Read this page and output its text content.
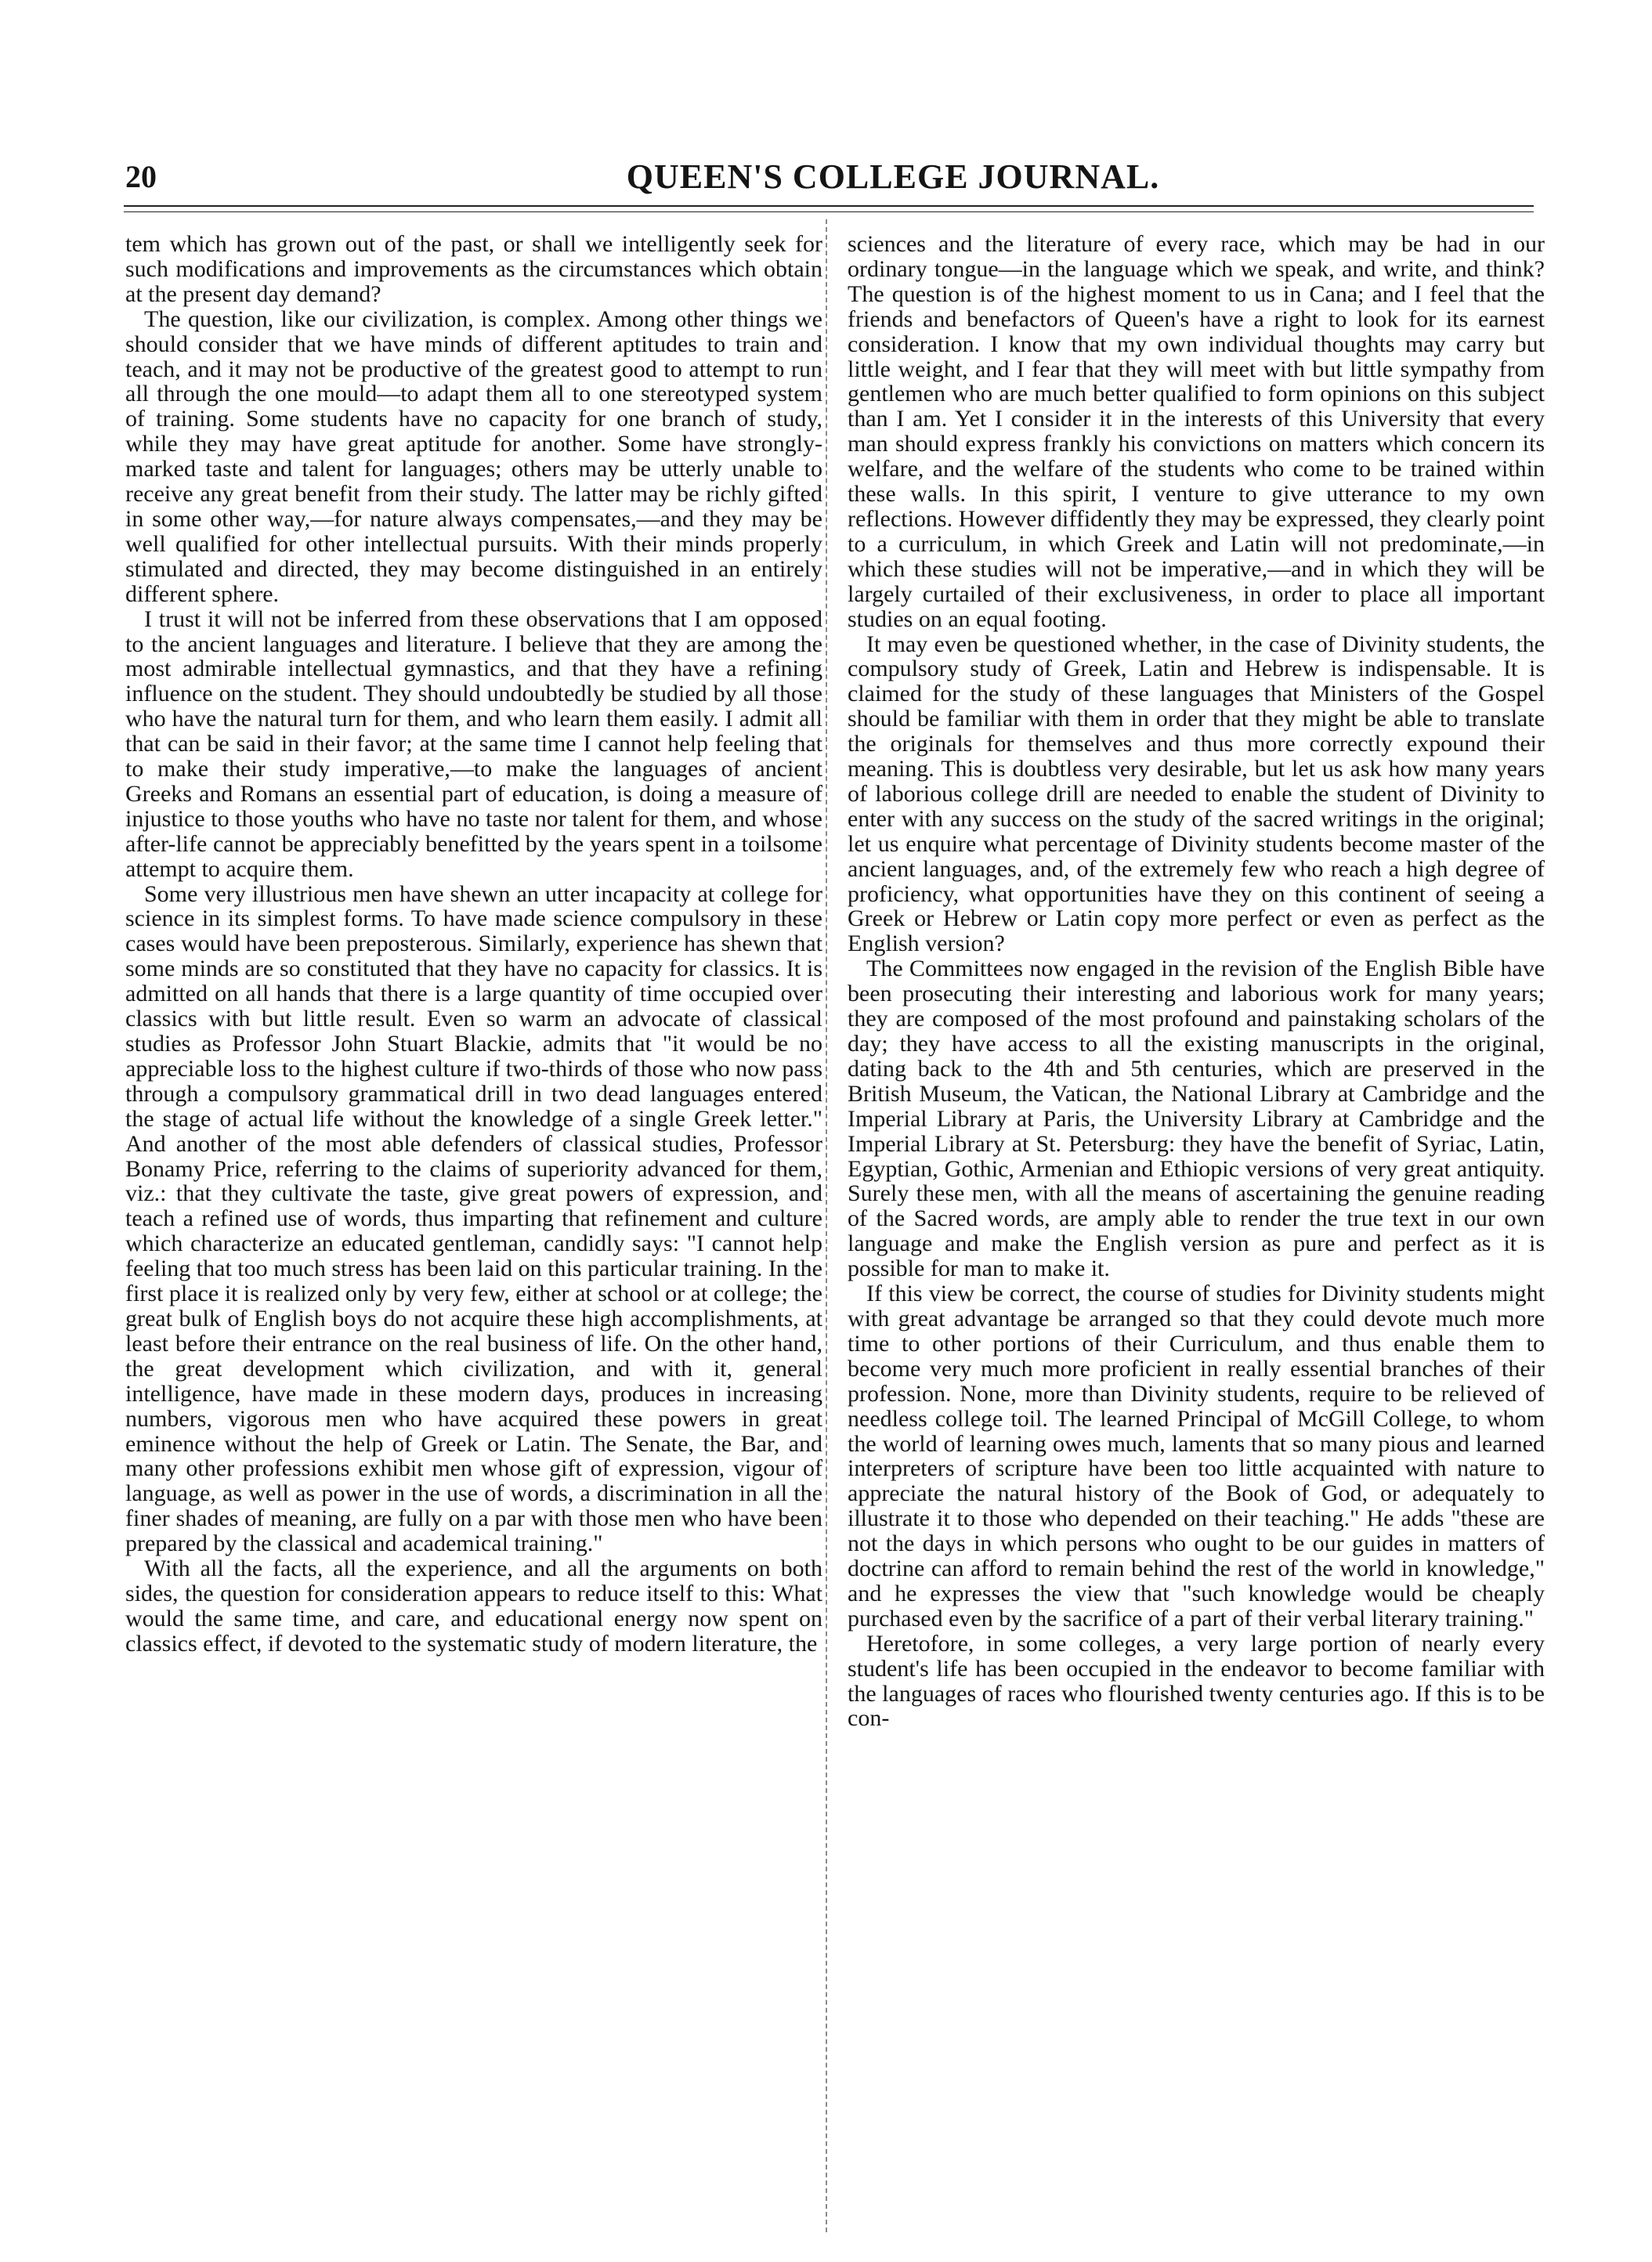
20	QUEEN'S COLLEGE JOURNAL.

tem which has grown out of the past, or shall we intelligently seek for such modifications and improvements as the circumstances which obtain at the present day demand?

The question, like our civilization, is complex. Among other things we should consider that we have minds of different aptitudes to train and teach, and it may not be productive of the greatest good to attempt to run all through the one mould—to adapt them all to one stereotyped system of training. Some students have no capacity for one branch of study, while they may have great aptitude for another. Some have strongly-marked taste and talent for languages; others may be utterly unable to receive any great benefit from their study. The latter may be richly gifted in some other way,—for nature always compensates,—and they may be well qualified for other intellectual pursuits. With their minds properly stimulated and directed, they may become distinguished in an entirely different sphere.

I trust it will not be inferred from these observations that I am opposed to the ancient languages and literature. I believe that they are among the most admirable intellectual gymnastics, and that they have a refining influence on the student. They should undoubtedly be studied by all those who have the natural turn for them, and who learn them easily. I admit all that can be said in their favor; at the same time I cannot help feeling that to make their study imperative,—to make the languages of ancient Greeks and Romans an essential part of education, is doing a measure of injustice to those youths who have no taste nor talent for them, and whose after-life cannot be appreciably benefitted by the years spent in a toilsome attempt to acquire them.

Some very illustrious men have shewn an utter incapacity at college for science in its simplest forms. To have made science compulsory in these cases would have been preposterous. Similarly, experience has shewn that some minds are so constituted that they have no capacity for classics. It is admitted on all hands that there is a large quantity of time occupied over classics with but little result. Even so warm an advocate of classical studies as Professor John Stuart Blackie, admits that "it would be no appreciable loss to the highest culture if two-thirds of those who now pass through a compulsory grammatical drill in two dead languages entered the stage of actual life without the knowledge of a single Greek letter." And another of the most able defenders of classical studies, Professor Bonamy Price, referring to the claims of superiority advanced for them, viz.: that they cultivate the taste, give great powers of expression, and teach a refined use of words, thus imparting that refinement and culture which characterize an educated gentleman, candidly says: "I cannot help feeling that too much stress has been laid on this particular training. In the first place it is realized only by very few, either at school or at college; the great bulk of English boys do not acquire these high accomplishments, at least before their entrance on the real business of life. On the other hand, the great development which civilization, and with it, general intelligence, have made in these modern days, produces in increasing numbers, vigorous men who have acquired these powers in great eminence without the help of Greek or Latin. The Senate, the Bar, and many other professions exhibit men whose gift of expression, vigour of language, as well as power in the use of words, a discrimination in all the finer shades of meaning, are fully on a par with those men who have been prepared by the classical and academical training."

With all the facts, all the experience, and all the arguments on both sides, the question for consideration appears to reduce itself to this: What would the same time, and care, and educational energy now spent on classics effect, if devoted to the systematic study of modern literature, the

sciences and the literature of every race, which may be had in our ordinary tongue—in the language which we speak, and write, and think? The question is of the highest moment to us in Cana; and I feel that the friends and benefactors of Queen's have a right to look for its earnest consideration. I know that my own individual thoughts may carry but little weight, and I fear that they will meet with but little sympathy from gentlemen who are much better qualified to form opinions on this subject than I am. Yet I consider it in the interests of this University that every man should express frankly his convictions on matters which concern its welfare, and the welfare of the students who come to be trained within these walls. In this spirit, I venture to give utterance to my own reflections. However diffidently they may be expressed, they clearly point to a curriculum, in which Greek and Latin will not predominate,—in which these studies will not be imperative,—and in which they will be largely curtailed of their exclusiveness, in order to place all important studies on an equal footing.

It may even be questioned whether, in the case of Divinity students, the compulsory study of Greek, Latin and Hebrew is indispensable. It is claimed for the study of these languages that Ministers of the Gospel should be familiar with them in order that they might be able to translate the originals for themselves and thus more correctly expound their meaning. This is doubtless very desirable, but let us ask how many years of laborious college drill are needed to enable the student of Divinity to enter with any success on the study of the sacred writings in the original; let us enquire what percentage of Divinity students become master of the ancient languages, and, of the extremely few who reach a high degree of proficiency, what opportunities have they on this continent of seeing a Greek or Hebrew or Latin copy more perfect or even as perfect as the English version?

The Committees now engaged in the revision of the English Bible have been prosecuting their interesting and laborious work for many years; they are composed of the most profound and painstaking scholars of the day; they have access to all the existing manuscripts in the original, dating back to the 4th and 5th centuries, which are preserved in the British Museum, the Vatican, the National Library at Cambridge and the Imperial Library at Paris, the University Library at Cambridge and the Imperial Library at St. Petersburg: they have the benefit of Syriac, Latin, Egyptian, Gothic, Armenian and Ethiopic versions of very great antiquity. Surely these men, with all the means of ascertaining the genuine reading of the Sacred words, are amply able to render the true text in our own language and make the English version as pure and perfect as it is possible for man to make it.

If this view be correct, the course of studies for Divinity students might with great advantage be arranged so that they could devote much more time to other portions of their Curriculum, and thus enable them to become very much more proficient in really essential branches of their profession. None, more than Divinity students, require to be relieved of needless college toil. The learned Principal of McGill College, to whom the world of learning owes much, laments that so many pious and learned interpreters of scripture have been too little acquainted with nature to appreciate the natural history of the Book of God, or adequately to illustrate it to those who depended on their teaching." He adds "these are not the days in which persons who ought to be our guides in matters of doctrine can afford to remain behind the rest of the world in knowledge," and he expresses the view that "such knowledge would be cheaply purchased even by the sacrifice of a part of their verbal literary training."

Heretofore, in some colleges, a very large portion of nearly every student's life has been occupied in the endeavor to become familiar with the languages of races who flourished twenty centuries ago. If this is to be con-
